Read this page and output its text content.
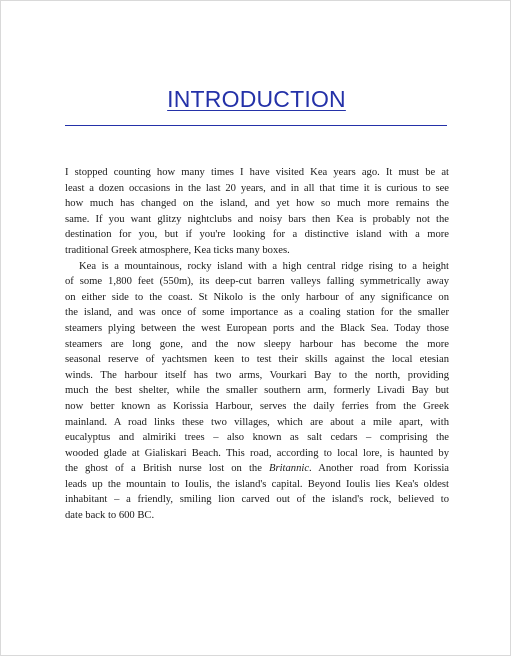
INTRODUCTION
I stopped counting how many times I have visited Kea years ago. It must be at
least a dozen occasions in the last 20 years, and in all that time it is curious to see
how much has changed on the island, and yet how so much more remains the
same. If you want glitzy nightclubs and noisy bars then Kea is probably not the
destination for you, but if you're looking for a distinctive island with a more
traditional Greek atmosphere, Kea ticks many boxes.
Kea is a mountainous, rocky island with a high central ridge rising to a height
of some 1,800 feet (550m), its deep-cut barren valleys falling symmetrically away
on either side to the coast. St Nikolo is the only harbour of any significance on
the island, and was once of some importance as a coaling station for the smaller
steamers plying between the west European ports and the Black Sea. Today those
steamers are long gone, and the now sleepy harbour has become the more
seasonal reserve of yachtsmen keen to test their skills against the local etesian
winds. The harbour itself has two arms, Vourkari Bay to the north, providing
much the best shelter, while the smaller southern arm, formerly Livadi Bay but
now better known as Korissia Harbour, serves the daily ferries from the Greek
mainland. A road links these two villages, which are about a mile apart, with
eucalyptus and almiriki trees – also known as salt cedars – comprising the
wooded glade at Gialiskari Beach. This road, according to local lore, is haunted by
the ghost of a British nurse lost on the Britannic. Another road from Korissia
leads up the mountain to Ioulis, the island's capital. Beyond Ioulis lies Kea's oldest
inhabitant – a friendly, smiling lion carved out of the island's rock, believed to
date back to 600 BC.
